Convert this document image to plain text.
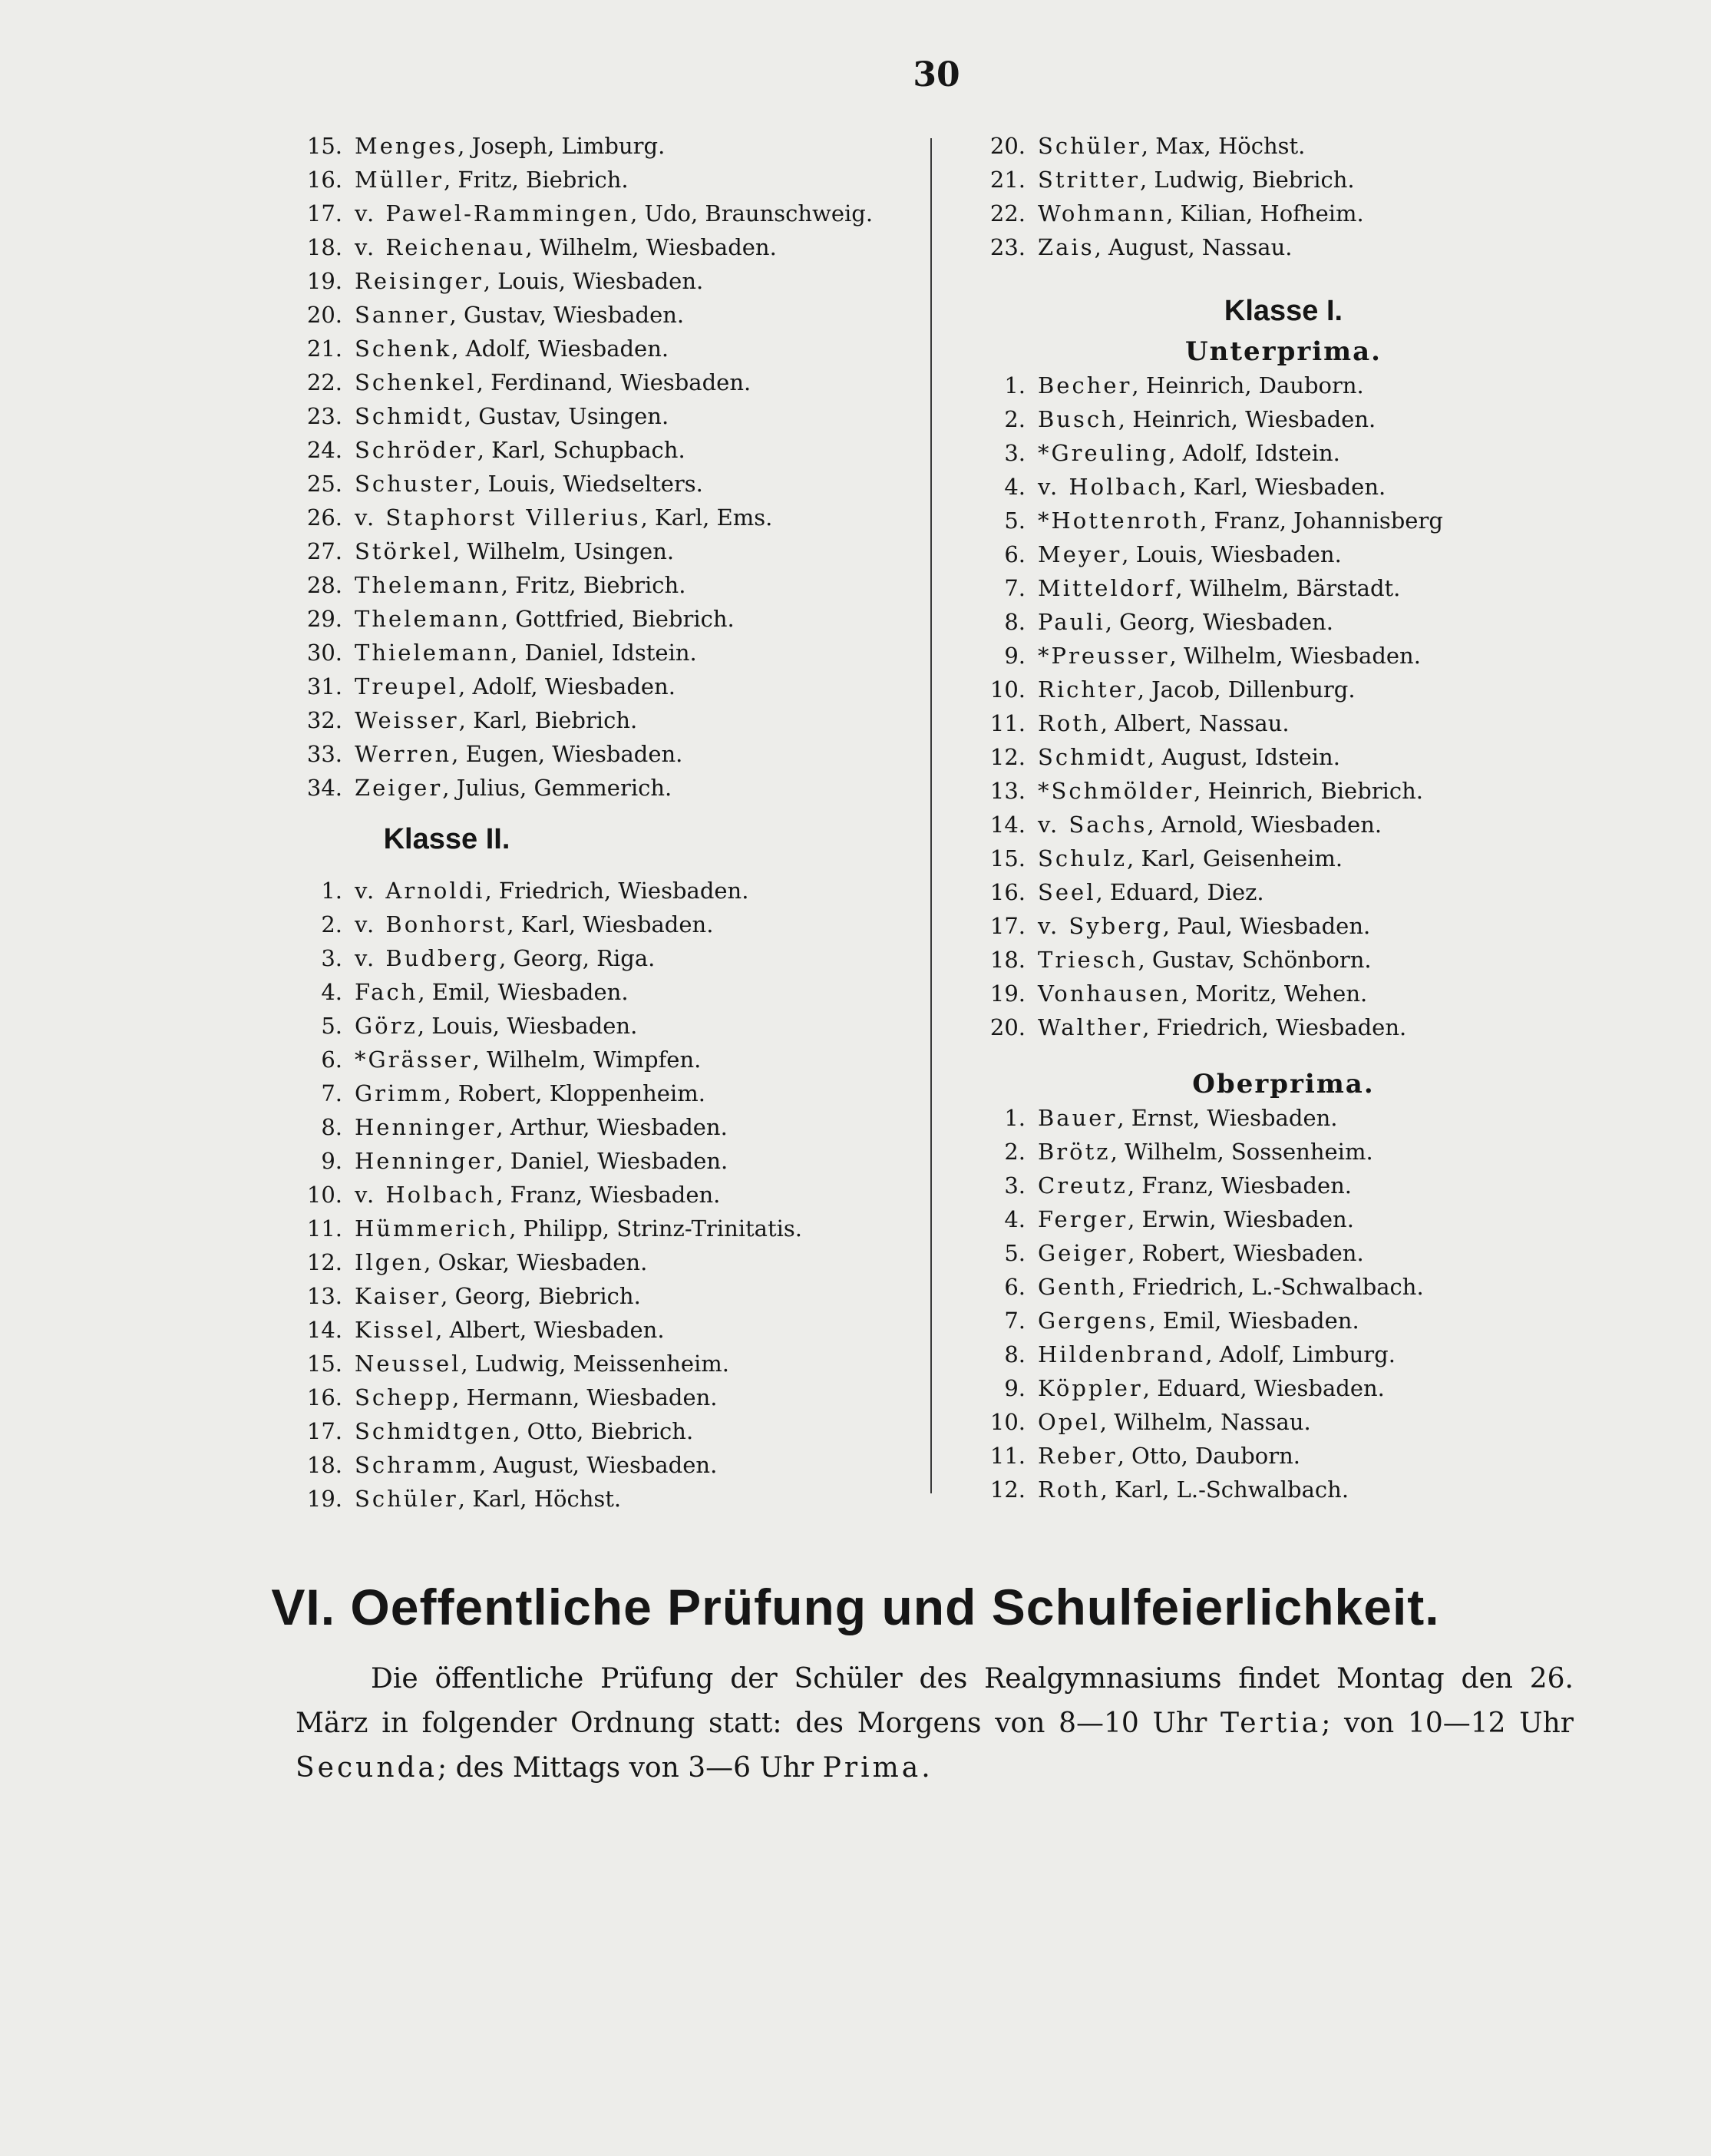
30
15. Menges, Joseph, Limburg.
16. Müller, Fritz, Biebrich.
17. v. Pawel-Rammingen, Udo, Braunschweig.
18. v. Reichenau, Wilhelm, Wiesbaden.
19. Reisinger, Louis, Wiesbaden.
20. Sanner, Gustav, Wiesbaden.
21. Schenk, Adolf, Wiesbaden.
22. Schenkel, Ferdinand, Wiesbaden.
23. Schmidt, Gustav, Usingen.
24. Schröder, Karl, Schupbach.
25. Schuster, Louis, Wiedselters.
26. v. Staphorst Villerius, Karl, Ems.
27. Störkel, Wilhelm, Usingen.
28. Thelemann, Fritz, Biebrich.
29. Thelemann, Gottfried, Biebrich.
30. Thielemann, Daniel, Idstein.
31. Treupel, Adolf, Wiesbaden.
32. Weisser, Karl, Biebrich.
33. Werren, Eugen, Wiesbaden.
34. Zeiger, Julius, Gemmerich.
Klasse II.
1. v. Arnoldi, Friedrich, Wiesbaden.
2. v. Bonhorst, Karl, Wiesbaden.
3. v. Budberg, Georg, Riga.
4. Fach, Emil, Wiesbaden.
5. Görz, Louis, Wiesbaden.
6. *Grässer, Wilhelm, Wimpfen.
7. Grimm, Robert, Kloppenheim.
8. Henninger, Arthur, Wiesbaden.
9. Henninger, Daniel, Wiesbaden.
10. v. Holbach, Franz, Wiesbaden.
11. Hümmerich, Philipp, Strinz-Trinitatis.
12. Ilgen, Oskar, Wiesbaden.
13. Kaiser, Georg, Biebrich.
14. Kissel, Albert, Wiesbaden.
15. Neussel, Ludwig, Meissenheim.
16. Schepp, Hermann, Wiesbaden.
17. Schmidtgen, Otto, Biebrich.
18. Schramm, August, Wiesbaden.
19. Schüler, Karl, Höchst.
20. Schüler, Max, Höchst.
21. Stritter, Ludwig, Biebrich.
22. Wohmann, Kilian, Hofheim.
23. Zais, August, Nassau.
Klasse I.
Unterprima.
1. Becher, Heinrich, Dauborn.
2. Busch, Heinrich, Wiesbaden.
3. *Greuling, Adolf, Idstein.
4. v. Holbach, Karl, Wiesbaden.
5. *Hottenroth, Franz, Johannisberg
6. Meyer, Louis, Wiesbaden.
7. Mitteldorf, Wilhelm, Bärstadt.
8. Pauli, Georg, Wiesbaden.
9. *Preusser, Wilhelm, Wiesbaden.
10. Richter, Jacob, Dillenburg.
11. Roth, Albert, Nassau.
12. Schmidt, August, Idstein.
13. *Schmölder, Heinrich, Biebrich.
14. v. Sachs, Arnold, Wiesbaden.
15. Schulz, Karl, Geisenheim.
16. Seel, Eduard, Diez.
17. v. Syberg, Paul, Wiesbaden.
18. Triesch, Gustav, Schönborn.
19. Vonhausen, Moritz, Wehen.
20. Walther, Friedrich, Wiesbaden.
Oberprima.
1. Bauer, Ernst, Wiesbaden.
2. Brötz, Wilhelm, Sossenheim.
3. Creutz, Franz, Wiesbaden.
4. Ferger, Erwin, Wiesbaden.
5. Geiger, Robert, Wiesbaden.
6. Genth, Friedrich, L.-Schwalbach.
7. Gergens, Emil, Wiesbaden.
8. Hildenbrand, Adolf, Limburg.
9. Köppler, Eduard, Wiesbaden.
10. Opel, Wilhelm, Nassau.
11. Reber, Otto, Dauborn.
12. Roth, Karl, L.-Schwalbach.
VI. Oeffentliche Prüfung und Schulfeierlichkeit.

Die öffentliche Prüfung der Schüler des Realgymnasiums findet Montag den 26. März in folgender Ordnung statt: des Morgens von 8—10 Uhr Tertia; von 10—12 Uhr Secunda; des Mittags von 3—6 Uhr Prima.
